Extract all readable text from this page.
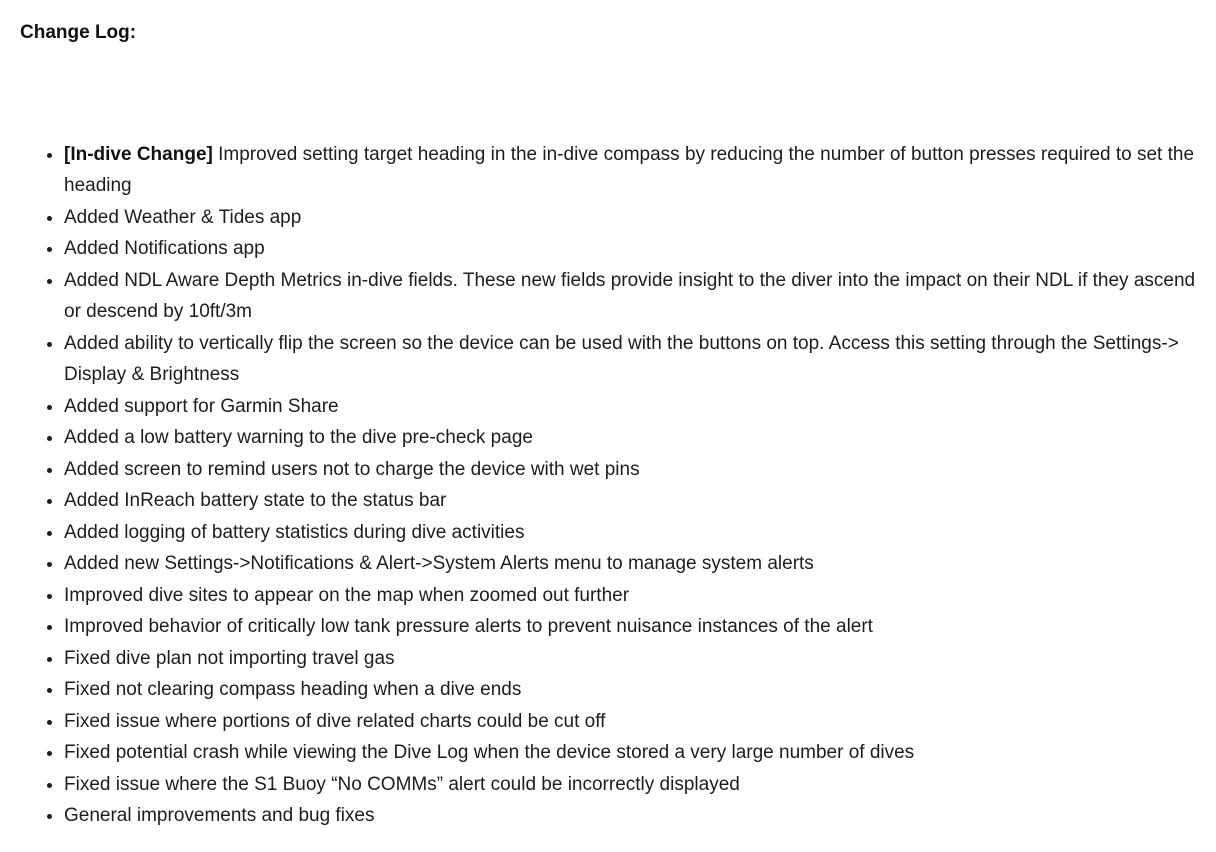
Change Log:
• [In-dive Change] Improved setting target heading in the in-dive compass by reducing the number of button presses required to set the heading
• Added Weather & Tides app
• Added Notifications app
• Added NDL Aware Depth Metrics in-dive fields. These new fields provide insight to the diver into the impact on their NDL if they ascend or descend by 10ft/3m
• Added ability to vertically flip the screen so the device can be used with the buttons on top. Access this setting through the Settings-> Display & Brightness
• Added support for Garmin Share
• Added a low battery warning to the dive pre-check page
• Added screen to remind users not to charge the device with wet pins
• Added InReach battery state to the status bar
• Added logging of battery statistics during dive activities
• Added new Settings->Notifications & Alert->System Alerts menu to manage system alerts
• Improved dive sites to appear on the map when zoomed out further
• Improved behavior of critically low tank pressure alerts to prevent nuisance instances of the alert
• Fixed dive plan not importing travel gas
• Fixed not clearing compass heading when a dive ends
• Fixed issue where portions of dive related charts could be cut off
• Fixed potential crash while viewing the Dive Log when the device stored a very large number of dives
• Fixed issue where the S1 Buoy “No COMMs” alert could be incorrectly displayed
• General improvements and bug fixes
